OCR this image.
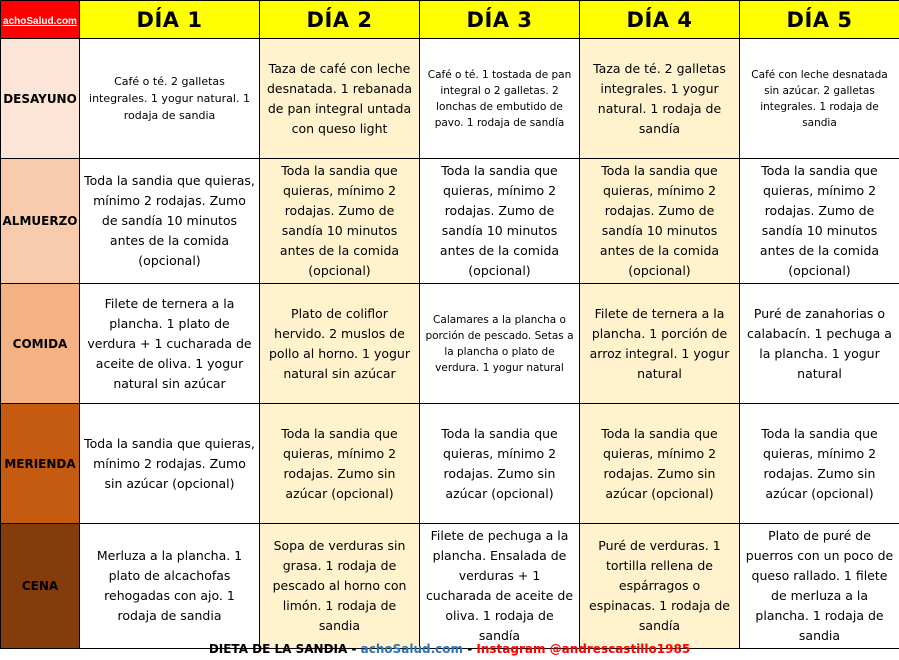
achoSalud.com	DÍA 1	DÍA 2	DÍA 3	DÍA 4	DÍA 5
DESAYUNO	Café o té. 2 galletas integrales. 1 yogur natural. 1 rodaja de sandia	Taza de café con leche desnatada. 1 rebanada de pan integral untada con queso light	Café o té. 1 tostada de pan integral o 2 galletas. 2 lonchas de embutido de pavo. 1 rodaja de sandía	Taza de té. 2 galletas integrales. 1 yogur natural. 1 rodaja de sandía	Café con leche desnatada sin azúcar. 2 galletas integrales. 1 rodaja de sandia
ALMUERZO	Toda la sandia que quieras, mínimo 2 rodajas. Zumo de sandía 10 minutos antes de la comida (opcional)	Toda la sandia que quieras, mínimo 2 rodajas. Zumo de sandía 10 minutos antes de la comida (opcional)	Toda la sandia que quieras, mínimo 2 rodajas. Zumo de sandía 10 minutos antes de la comida (opcional)	Toda la sandia que quieras, mínimo 2 rodajas. Zumo de sandía 10 minutos antes de la comida (opcional)	Toda la sandia que quieras, mínimo 2 rodajas. Zumo de sandía 10 minutos antes de la comida (opcional)
COMIDA	Filete de ternera a la plancha. 1 plato de verdura + 1 cucharada de aceite de oliva. 1 yogur natural sin azúcar	Plato de coliflor hervido. 2 muslos de pollo al horno. 1 yogur natural sin azúcar	Calamares a la plancha o porción de pescado. Setas a la plancha o plato de verdura. 1 yogur natural	Filete de ternera a la plancha. 1 porción de arroz integral. 1 yogur natural	Puré de zanahorias o calabacín. 1 pechuga a la plancha. 1 yogur natural
MERIENDA	Toda la sandia que quieras, mínimo 2 rodajas. Zumo sin azúcar (opcional)	Toda la sandia que quieras, mínimo 2 rodajas. Zumo sin azúcar (opcional)	Toda la sandia que quieras, mínimo 2 rodajas. Zumo sin azúcar (opcional)	Toda la sandia que quieras, mínimo 2 rodajas. Zumo sin azúcar (opcional)	Toda la sandia que quieras, mínimo 2 rodajas. Zumo sin azúcar (opcional)
CENA	Merluza a la plancha. 1 plato de alcachofas rehogadas con ajo. 1 rodaja de sandia	Sopa de verduras sin grasa. 1 rodaja de pescado al horno con limón. 1 rodaja de sandia	Filete de pechuga a la plancha. Ensalada de verduras + 1 cucharada de aceite de oliva. 1 rodaja de sandía	Puré de verduras. 1 tortilla rellena de espárragos o espinacas. 1 rodaja de sandía	Plato de puré de puerros con un poco de queso rallado. 1 filete de merluza a la plancha. 1 rodaja de sandia
DIETA DE LA SANDIA - achoSalud.com - Instagram @andrescastillo1985
